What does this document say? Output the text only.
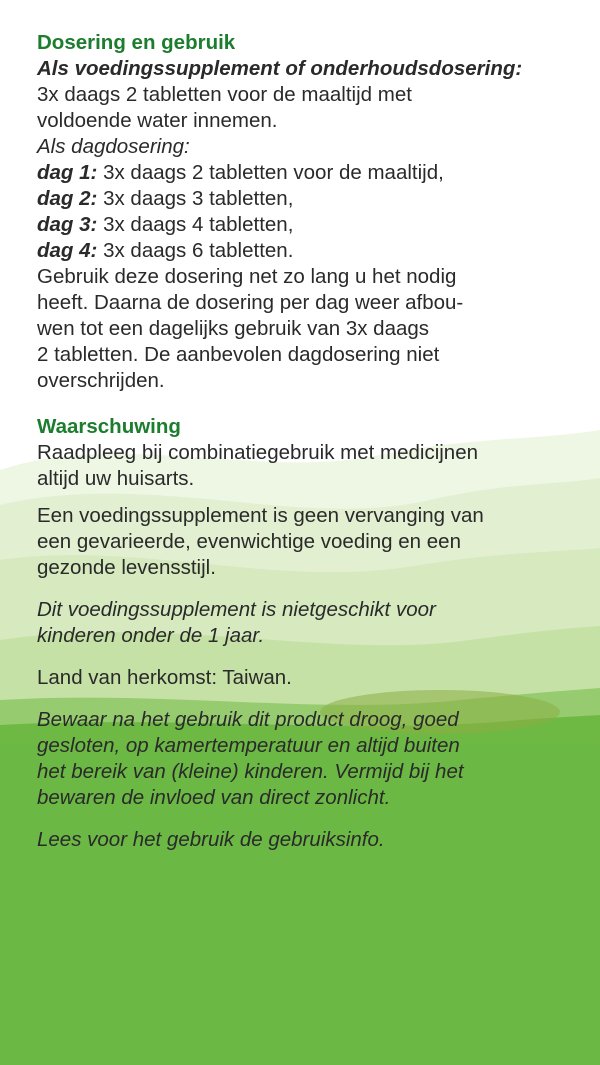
Dosering en gebruik

Als voedingssupplement of onderhoudsdosering:

3x daags 2 tabletten voor de maaltijd met

voldoende water innemen.

Als dagdosering:

dag 1: 3x daags 2 tabletten voor de maaltijd,

dag 2: 3x daags 3 tabletten,

dag 3: 3x daags 4 tabletten,

dag 4: 3x daags 6 tabletten.

Gebruik deze dosering net zo lang u het nodig

heeft. Daarna de dosering per dag weer afbou-

wen tot een dagelijks gebruik van 3x daags

2 tabletten. De aanbevolen dagdosering niet

overschrijden.

Waarschuwing

Raadpleeg bij combinatiegebruik met medicijnen

altijd uw huisarts.

Een voedingssupplement is geen vervanging van

een gevarieerde, evenwichtige voeding en een

gezonde levensstijl.

Dit voedingssupplement is nietgeschikt voor

kinderen onder de 1 jaar.

Land van herkomst: Taiwan.

Bewaar na het gebruik dit product droog, goed

gesloten, op kamertemperatuur en altijd buiten

het bereik van (kleine) kinderen. Vermijd bij het

bewaren de invloed van direct zonlicht.

Lees voor het gebruik de gebruiksinfo.
